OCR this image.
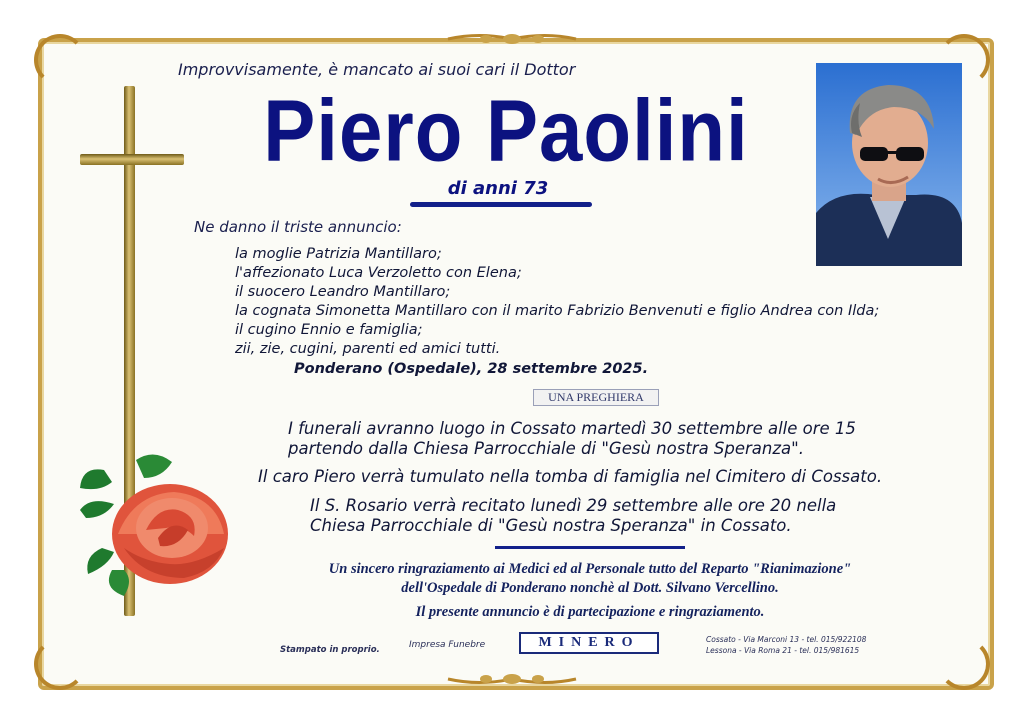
Improvvisamente, è mancato ai suoi cari il Dottor
Piero Paolini
di anni 73
Ne danno il triste annuncio:
la moglie Patrizia Mantillaro;
l'affezionato Luca Verzoletto con Elena;
il suocero Leandro Mantillaro;
la cognata Simonetta Mantillaro con il marito Fabrizio Benvenuti e figlio Andrea con Ilda;
il cugino Ennio e famiglia;
zii, zie, cugini, parenti ed amici tutti.
Ponderano (Ospedale), 28 settembre 2025.
UNA PREGHIERA
I funerali avranno luogo in Cossato martedì 30 settembre alle ore 15
partendo dalla Chiesa Parrocchiale di "Gesù nostra Speranza".
Il caro Piero verrà tumulato nella tomba di famiglia nel Cimitero di Cossato.
Il S. Rosario verrà recitato lunedì 29 settembre alle ore 20 nella
Chiesa Parrocchiale di "Gesù nostra Speranza" in Cossato.
Un sincero ringraziamento ai Medici ed al Personale tutto del Reparto "Rianimazione"
dell'Ospedale di Ponderano nonchè al Dott. Silvano Vercellino.
Il presente annuncio è di partecipazione e ringraziamento.
Stampato in proprio.	Impresa Funebre	MINERO	Cossato - Via Marconi 13 - tel. 015/922108
Lessona - Via Roma 21 - tel. 015/981615
